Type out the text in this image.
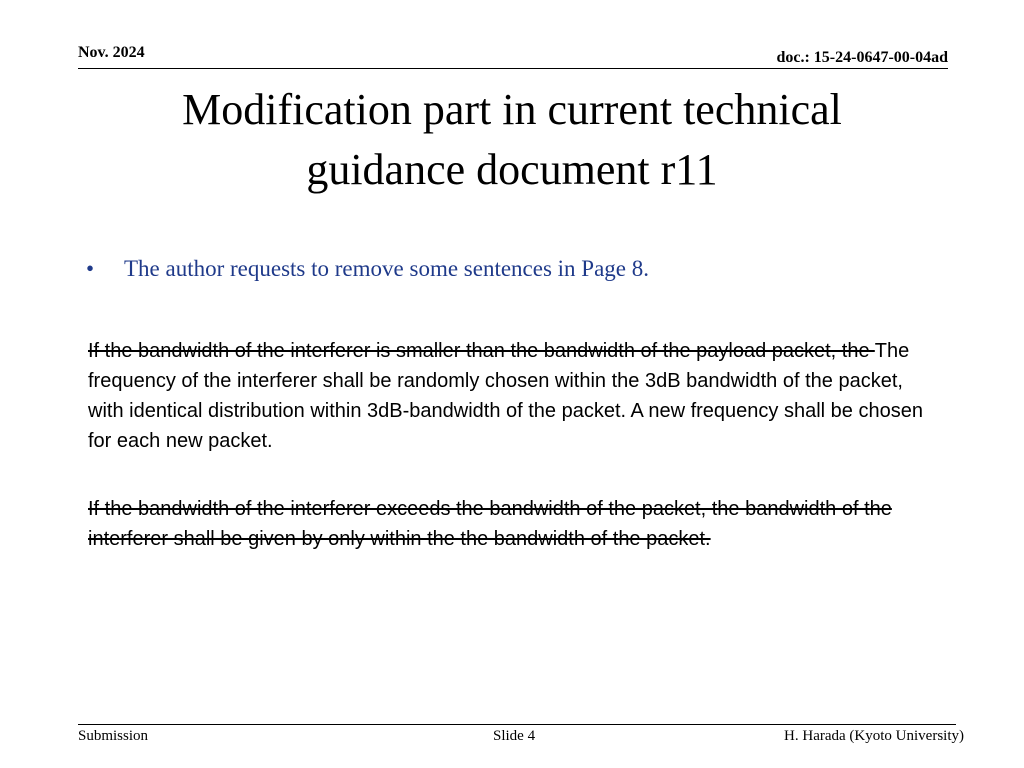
Nov. 2024	doc.: 15-24-0647-00-04ad
Modification part in current technical
guidance document r11
• The author requests to remove some sentences in Page 8.

If the bandwidth of the interferer is smaller than the bandwidth of the payload packet, the The frequency of the interferer shall be randomly chosen within the 3dB bandwidth of the packet, with identical distribution within 3dB-bandwidth of the packet. A new frequency shall be chosen for each new packet.

If the bandwidth of the interferer exceeds the bandwidth of the packet, the bandwidth of the interferer shall be given by only within the the bandwidth of the packet.

Submission	Slide 4	H. Harada (Kyoto University)
